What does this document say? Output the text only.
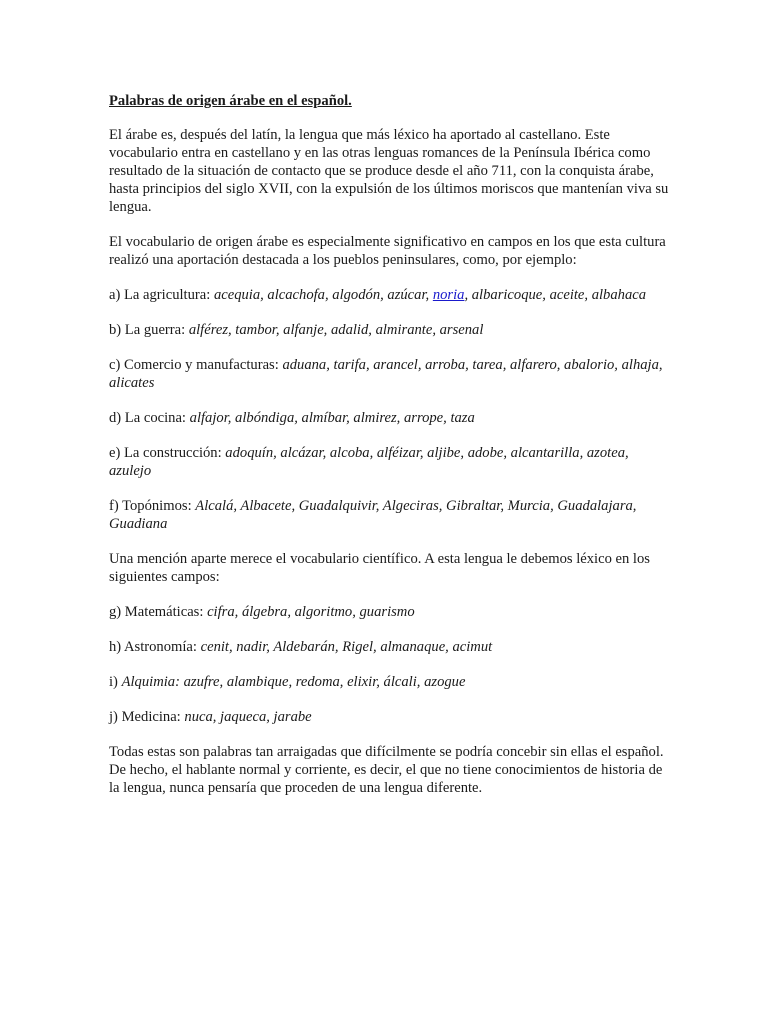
Palabras de origen árabe en el español.

El árabe es, después del latín, la lengua que más léxico ha aportado al castellano. Este vocabulario entra en castellano y en las otras lenguas romances de la Península Ibérica como resultado de la situación de contacto que se produce desde el año 711, con la conquista árabe, hasta principios del siglo XVII, con la expulsión de los últimos moriscos que mantenían viva su lengua.

El vocabulario de origen árabe es especialmente significativo en campos en los que esta cultura realizó una aportación destacada a los pueblos peninsulares, como, por ejemplo:

a) La agricultura: acequia, alcachofa, algodón, azúcar, noria, albaricoque, aceite, albahaca
b) La guerra: alférez, tambor, alfanje, adalid, almirante, arsenal
c) Comercio y manufacturas: aduana, tarifa, arancel, arroba, tarea, alfarero, abalorio, alhaja, alicates
d) La cocina: alfajor, albóndiga, almíbar, almirez, arrope, taza
e) La construcción: adoquín, alcázar, alcoba, alféizar, aljibe, adobe, alcantarilla, azotea, azulejo
f) Topónimos: Alcalá, Albacete, Guadalquivir, Algeciras, Gibraltar, Murcia, Guadalajara, Guadiana

Una mención aparte merece el vocabulario científico. A esta lengua le debemos léxico en los siguientes campos:

g) Matemáticas: cifra, álgebra, algoritmo, guarismo
h) Astronomía: cenit, nadir, Aldebarán, Rigel, almanaque, acimut
i) Alquimia: azufre, alambique, redoma, elixir, álcali, azogue
j) Medicina: nuca, jaqueca, jarabe

Todas estas son palabras tan arraigadas que difícilmente se podría concebir sin ellas el español. De hecho, el hablante normal y corriente, es decir, el que no tiene conocimientos de historia de la lengua, nunca pensaría que proceden de una lengua diferente.
